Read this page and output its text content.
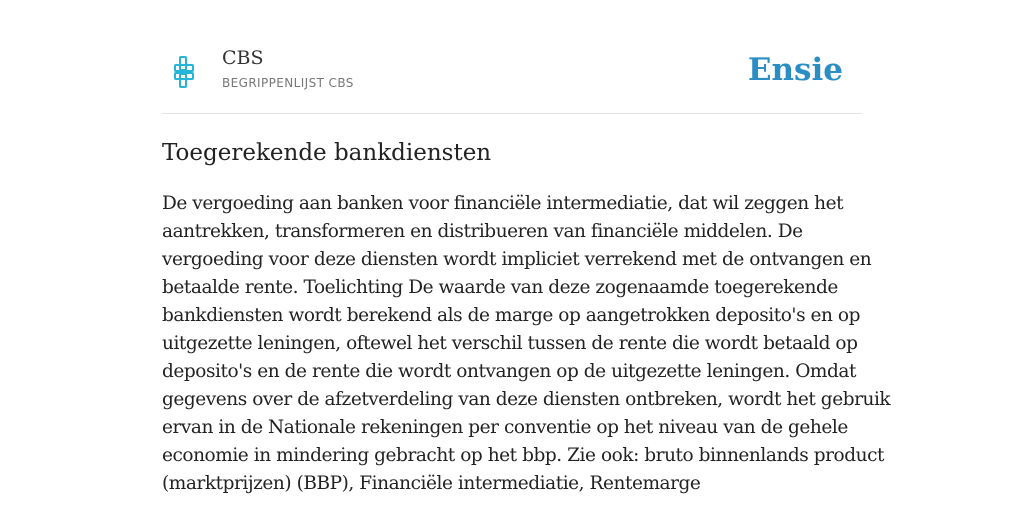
CBS
BEGRIPPENLIJST CBS	Ensie
Toegerekende bankdiensten

De vergoeding aan banken voor financiële intermediatie, dat wil zeggen het
aantrekken, transformeren en distribueren van financiële middelen. De
vergoeding voor deze diensten wordt impliciet verrekend met de ontvangen en
betaalde rente. Toelichting De waarde van deze zogenaamde toegerekende
bankdiensten wordt berekend als de marge op aangetrokken deposito's en op
uitgezette leningen, oftewel het verschil tussen de rente die wordt betaald op
deposito's en de rente die wordt ontvangen op de uitgezette leningen. Omdat
gegevens over de afzetverdeling van deze diensten ontbreken, wordt het gebruik
ervan in de Nationale rekeningen per conventie op het niveau van de gehele
economie in mindering gebracht op het bbp. Zie ook: bruto binnenlands product
(marktprijzen) (BBP), Financiële intermediatie, Rentemarge
